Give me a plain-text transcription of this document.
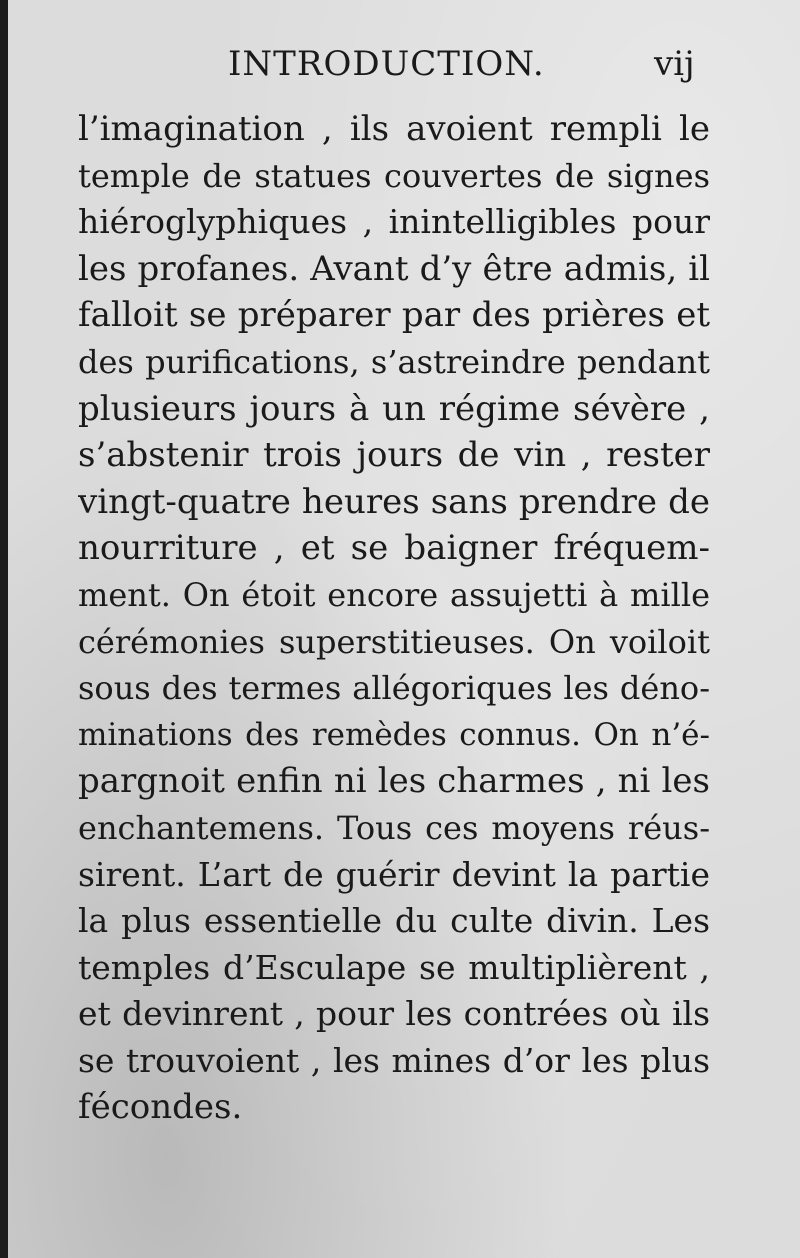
INTRODUCTION.	vij
l’imagination , ils avoient rempli le
temple de statues couvertes de signes
hiéroglyphiques , inintelligibles pour
les profanes. Avant d’y être admis, il
falloit se préparer par des prières et
des purifications, s’astreindre pendant
plusieurs jours à un régime sévère ,
s’abstenir trois jours de vin , rester
vingt-quatre heures sans prendre de
nourriture , et se baigner fréquem-
ment. On étoit encore assujetti à mille
cérémonies superstitieuses. On voiloit
sous des termes allégoriques les déno-
minations des remèdes connus. On n’é-
pargnoit enfin ni les charmes , ni les
enchantemens. Tous ces moyens réus-
sirent. L’art de guérir devint la partie
la plus essentielle du culte divin. Les
temples d’Esculape se multiplièrent ,
et devinrent , pour les contrées où ils
se trouvoient , les mines d’or les plus
fécondes.
